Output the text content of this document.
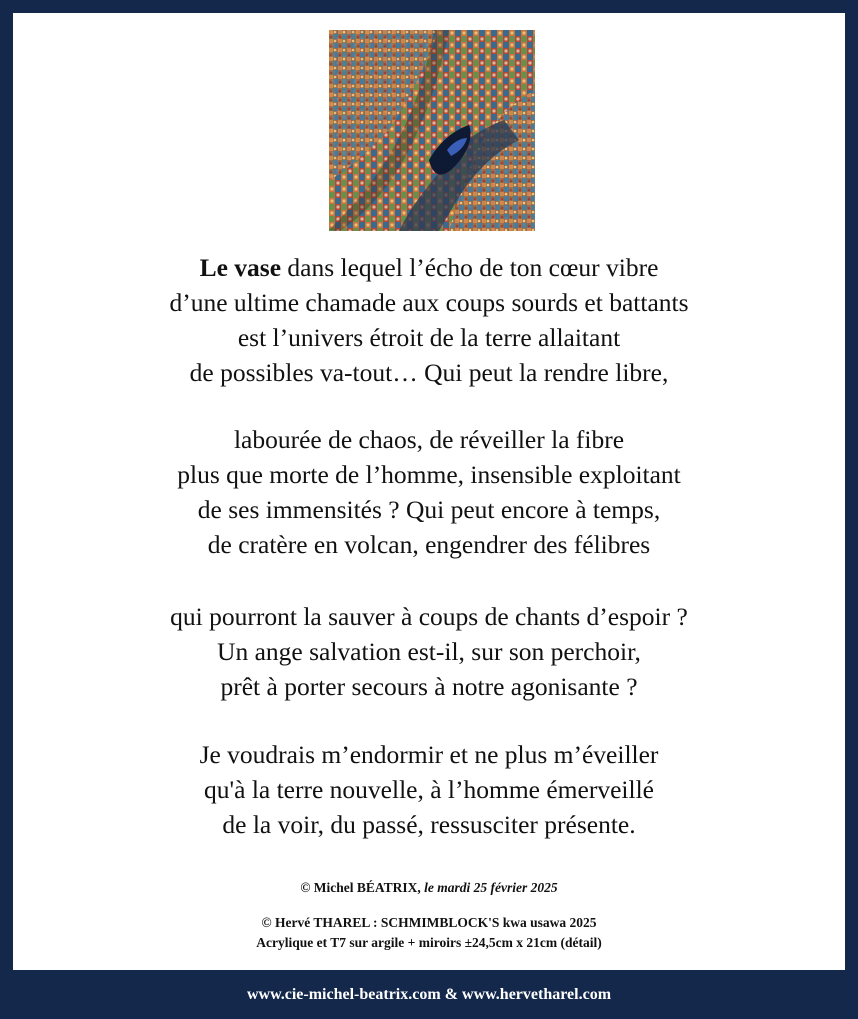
Le vase dans lequel l’écho de ton cœur vibre
d’une ultime chamade aux coups sourds et battants
est l’univers étroit de la terre allaitant
de possibles va-tout… Qui peut la rendre libre,
labourée de chaos, de réveiller la fibre
plus que morte de l’homme, insensible exploitant
de ses immensités ? Qui peut encore à temps,
de cratère en volcan, engendrer des félibres
qui pourront la sauver à coups de chants d’espoir ?
Un ange salvation est-il, sur son perchoir,
prêt à porter secours à notre agonisante ?
Je voudrais m’endormir et ne plus m’éveiller
qu'à la terre nouvelle, à l’homme émerveillé
de la voir, du passé, ressusciter présente.
© Michel BÉATRIX, le mardi 25 février 2025
© Hervé THAREL : SCHMIMBLOCK'S kwa usawa 2025
Acrylique et T7 sur argile + miroirs ±24,5cm x 21cm (détail)
www.cie-michel-beatrix.com & www.hervetharel.com
